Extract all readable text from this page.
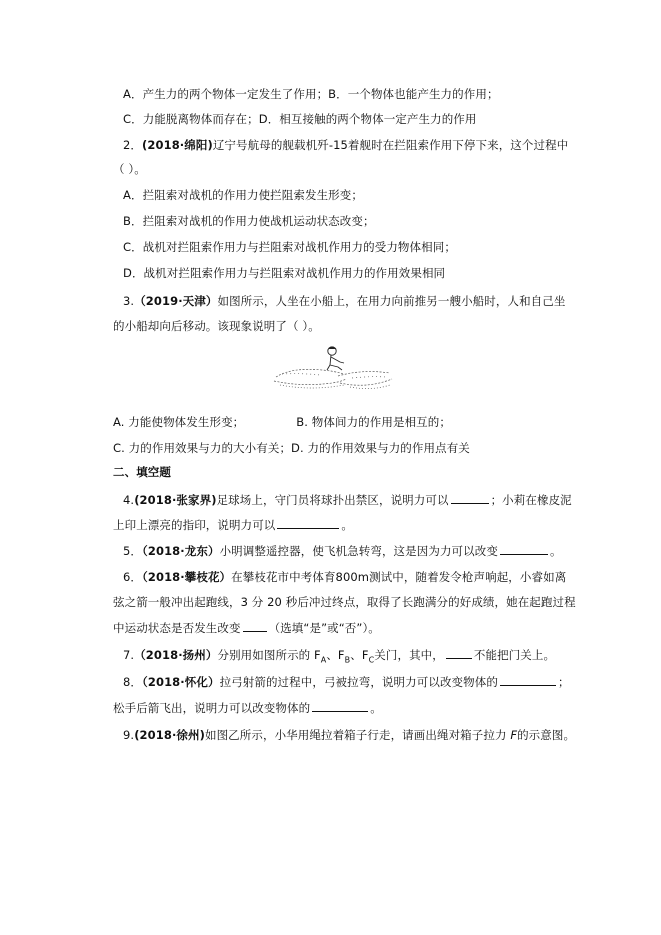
A．产生力的两个物体一定发生了作用；B．一个物体也能产生力的作用；
C．力能脱离物体而存在；D．相互接触的两个物体一定产生力的作用
2．(2018·绵阳)辽宁号航母的舰载机歼-15着舰时在拦阻索作用下停下来，这个过程中
（ ）。
A．拦阻索对战机的作用力使拦阻索发生形变；
B．拦阻索对战机的作用力使战机运动状态改变；
C．战机对拦阻索作用力与拦阻索对战机作用力的受力物体相同；
D．战机对拦阻索作用力与拦阻索对战机作用力的作用效果相同
3.（2019·天津）如图所示，人坐在小船上，在用力向前推另一艘小船时，人和自己坐
的小船却向后移动。该现象说明了（ ）。
A. 力能使物体发生形变；	B. 物体间力的作用是相互的；
C. 力的作用效果与力的大小有关；D. 力的作用效果与力的作用点有关
二、填空题
4.(2018·张家界)足球场上，守门员将球扑出禁区，说明力可以	；小莉在橡皮泥
上印上漂亮的指印，说明力可以	。
5．（2018·龙东）小明调整遥控器，使飞机急转弯，这是因为力可以改变	。
6．（2018·攀枝花）在攀枝花市中考体育800m测试中，随着发令枪声响起，小睿如离
弦之箭一般冲出起跑线，3 分 20 秒后冲过终点，取得了长跑满分的好成绩，她在起跑过程
中运动状态是否发生改变 （选填“是”或“否”）。
7.（2018·扬州）分别用如图所示的 $F_A$、$F_B$、$F_C$关门，其中，	不能把门关上。
8．（2018·怀化）拉弓射箭的过程中，弓被拉弯，说明力可以改变物体的	；
松手后箭飞出，说明力可以改变物体的	。
9.(2018·徐州)如图乙所示，小华用绳拉着箱子行走，请画出绳对箱子拉力 F的示意图。
